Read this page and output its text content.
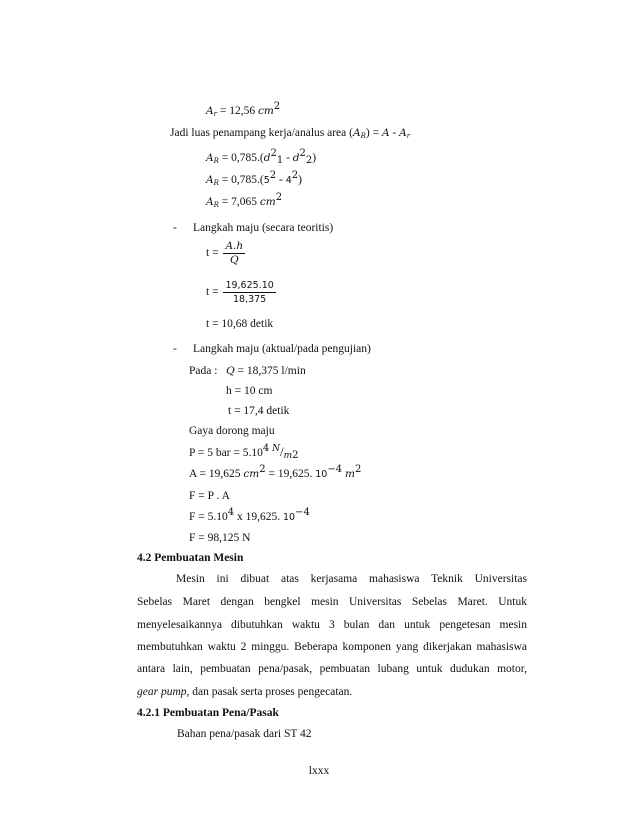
$A_r = 12,56$ $cm^2$
Jadi luas penampang kerja/analus area $(A_R) = A - A_r$
$A_R = 0,785.(d^2_1 - d^2_2)$
$A_R = 0,785.(5^2 - 4^2)$
$A_R = 7,065$ $cm^2$
- Langkah maju (secara teoritis)
$t = \frac{A.h}{Q}$
$t = \frac{19,625.10}{18,375}$
t = 10,68 detik
- Langkah maju (aktual/pada pengujian)
Pada : Q = 18,375 l/min
h = 10 cm
t = 17,4 detik
Gaya dorong maju
P = 5 bar = $5.10^4$ $^N/_{m2}$
A = 19,625 $cm^2 = 19,625$. $10^{-4}$ $m^2$
F = P . A
$F = 5.10^4$ x 19,625. $10^{-4}$
F = 98,125 N
4.2 Pembuatan Mesin
Mesin ini dibuat atas kerjasama mahasiswa Teknik Universitas
Sebelas Maret dengan bengkel mesin Universitas Sebelas Maret. Untuk
menyelesaikannya dibutuhkan waktu 3 bulan dan untuk pengetesan mesin
membutuhkan waktu 2 minggu. Beberapa komponen yang dikerjakan mahasiswa
antara lain, pembuatan pena/pasak, pembuatan lubang untuk dudukan motor,
gear pump, dan pasak serta proses pengecatan.
4.2.1 Pembuatan Pena/Pasak
Bahan pena/pasak dari ST 42
lxxx
